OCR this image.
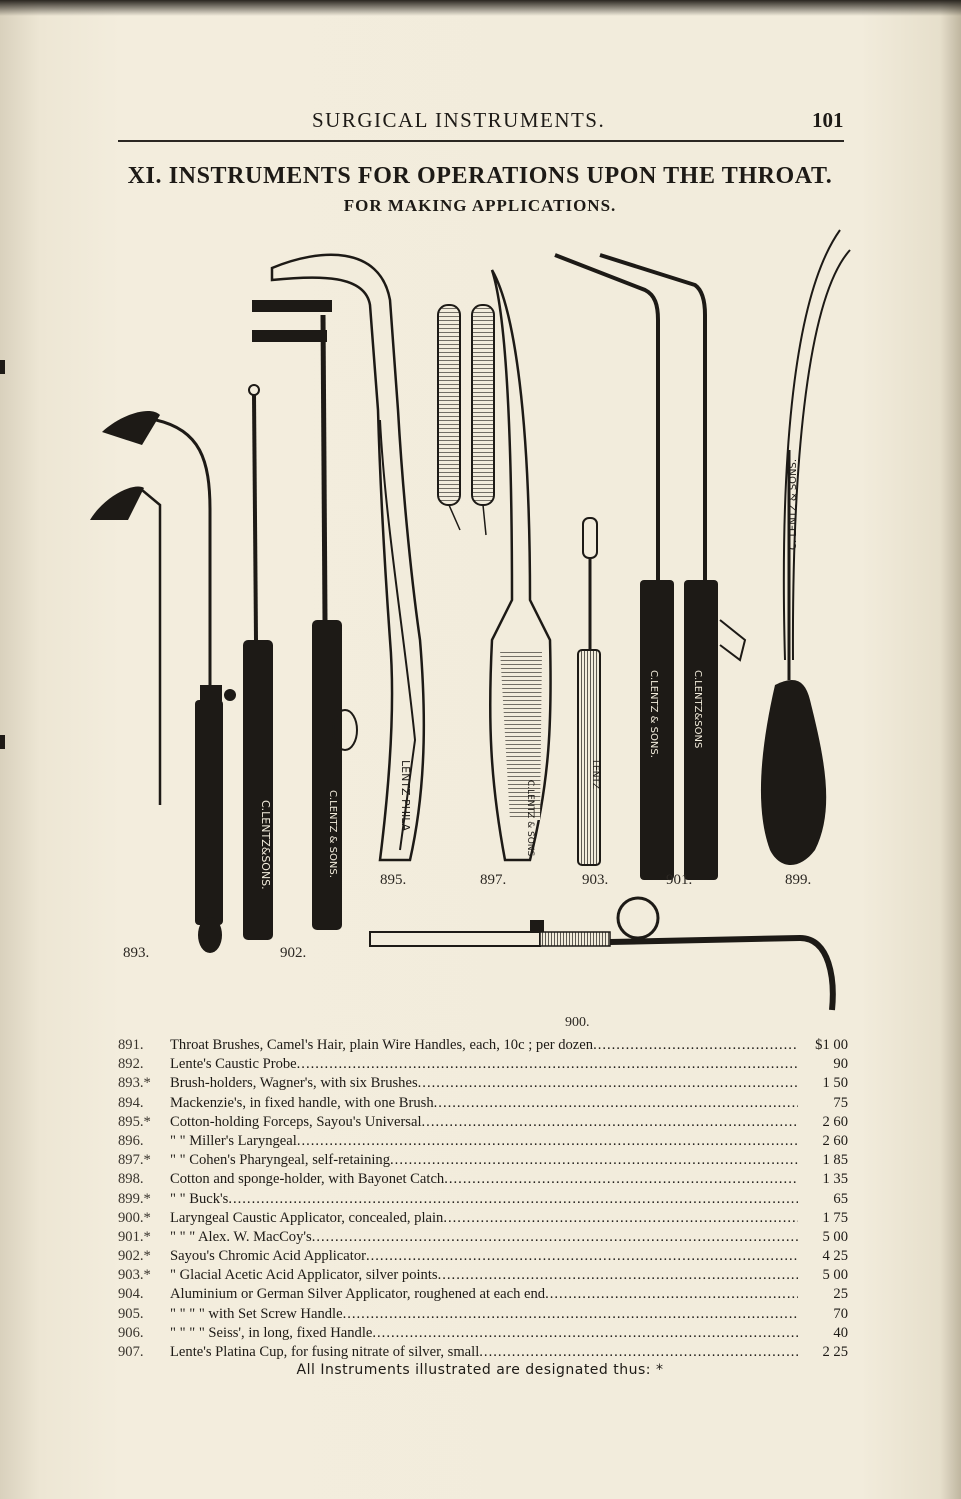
SURGICAL INSTRUMENTS.	101
XI. INSTRUMENTS FOR OPERATIONS UPON THE THROAT.
FOR MAKING APPLICATIONS.
C.LENTZ&SONS.	C.LENTZ & SONS.	LENTZ PHILA	C.LENTZ & SONS
LENTZ
C.LENTZ & SONS.	C.LENTZ&SONS
C. LENTZ & SONS.
893.	902.
895.	897.	903.	901.	899.
900.
891.	Throat Brushes, Camel's Hair, plain Wire Handles, each, 10c ; per dozen .....	$1 00
892.	Lente's Caustic Probe .....	90
893.*	Brush-holders, Wagner's, with six Brushes .....	1 50
894.	Mackenzie's, in fixed handle, with one Brush .....	75
895.*	Cotton-holding Forceps, Sayou's Universal .....	2 60
896.	" " Miller's Laryngeal .....	2 60
897.*	" " Cohen's Pharyngeal, self-retaining .....	1 85
898.	Cotton and sponge-holder, with Bayonet Catch .....	1 35
899.*	" " Buck's .....	65
900.*	Laryngeal Caustic Applicator, concealed, plain .....	1 75
901.*	" " " Alex. W. MacCoy's .....	5 00
902.*	Sayou's Chromic Acid Applicator .....	4 25
903.*	" Glacial Acetic Acid Applicator, silver points .....	5 00
904.	Aluminium or German Silver Applicator, roughened at each end .....	25
905.	" " " " with Set Screw Handle .....	70
906.	" " " " Seiss', in long, fixed Handle .....	40
907.	Lente's Platina Cup, for fusing nitrate of silver, small .....	2 25
All Instruments illustrated are designated thus: *
